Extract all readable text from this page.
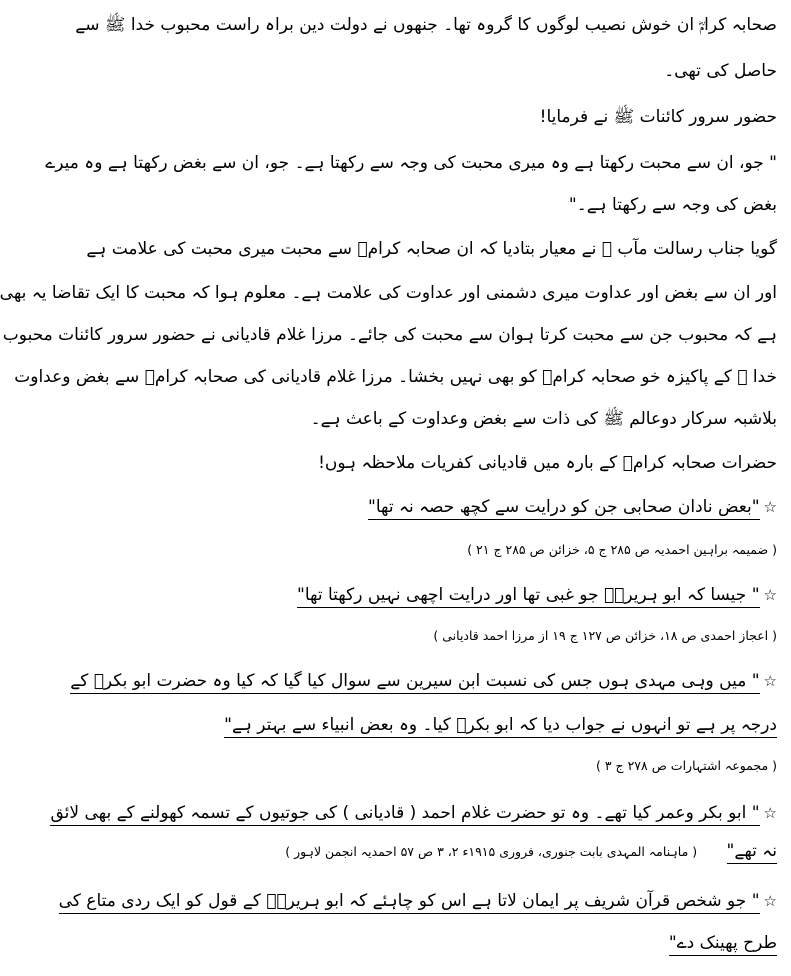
صحابہ کرامؓ ان خوش نصیب لوگوں کا گروہ تھا۔ جنھوں نے دولت دین براہ راست محبوب خدا ﷺ سے
حاصل کی تھی۔
حضور سرور کائنات ﷺ نے فرمایا!
" جو، ان سے محبت رکھتا ہے وہ میری محبت کی وجہ سے رکھتا ہے۔ جو، ان سے بغض رکھتا ہے وہ میرے
بغض کی وجہ سے رکھتا ہے۔"
گویا جناب رسالت مآب ﷺ نے معیار بتادیا کہ ان صحابہ کرامؓ سے محبت میری محبت کی علامت ہے
اور ان سے بغض اور عداوت میری دشمنی اور عداوت کی علامت ہے۔ معلوم ہوا کہ محبت کا ایک تقاضا یہ بھی
ہے کہ محبوب جن سے محبت کرتا ہوان سے محبت کی جائے۔ مرزا غلام قادیانی نے حضور سرور کائنات محبوب
خدا ﷺ کے پاکیزہ خو صحابہ کرامؓ کو بھی نہیں بخشا۔ مرزا غلام قادیانی کی صحابہ کرامؓ سے بغض وعداوت
بلاشبہ سرکار دوعالم ﷺ کی ذات سے بغض وعداوت کے باعث ہے۔
حضرات صحابہ کرامؓ کے بارہ میں قادیانی کفریات ملاحظہ ہوں!
☆"بعض نادان صحابی جن کو درایت سے کچھ حصہ نہ تھا"
( ضمیمہ براہین احمدیہ ص ۲۸۵ ج ۵، خزائن ص ۲۸۵ ج ۲۱ )
☆" جیسا کہ ابو ہریرہؓ جو غبی تھا اور درایت اچھی نہیں رکھتا تھا"
( اعجاز احمدی ص ۱۸، خزائن ص ۱۲۷ ج ۱۹ از مرزا احمد قادیانی )
☆" میں وہی مہدی ہوں جس کی نسبت ابن سیرین سے سوال کیا گیا کہ کیا وہ حضرت ابو بکرؓ کے
درجہ پر ہے تو انہوں نے جواب دیا کہ ابو بکرؓ کیا۔ وہ بعض انبیاء سے بہتر ہے"
( مجموعہ اشتہارات ص ۲۷۸ ج ۳ )
☆" ابو بکر وعمر کیا تھے۔ وہ تو حضرت غلام احمد ( قادیانی ) کی جوتیوں کے تسمہ کھولنے کے بھی لائق
نہ تھے" ( ماہنامہ المہدی بابت جنوری، فروری ۱۹۱۵ء ۲، ۳ ص ۵۷ احمدیہ انجمن لاہور )
☆" جو شخص قرآن شریف پر ایمان لاتا ہے اس کو چاہئے کہ ابو ہریرہؓ کے قول کو ایک ردی متاع کی
طرح پھینک دے"
